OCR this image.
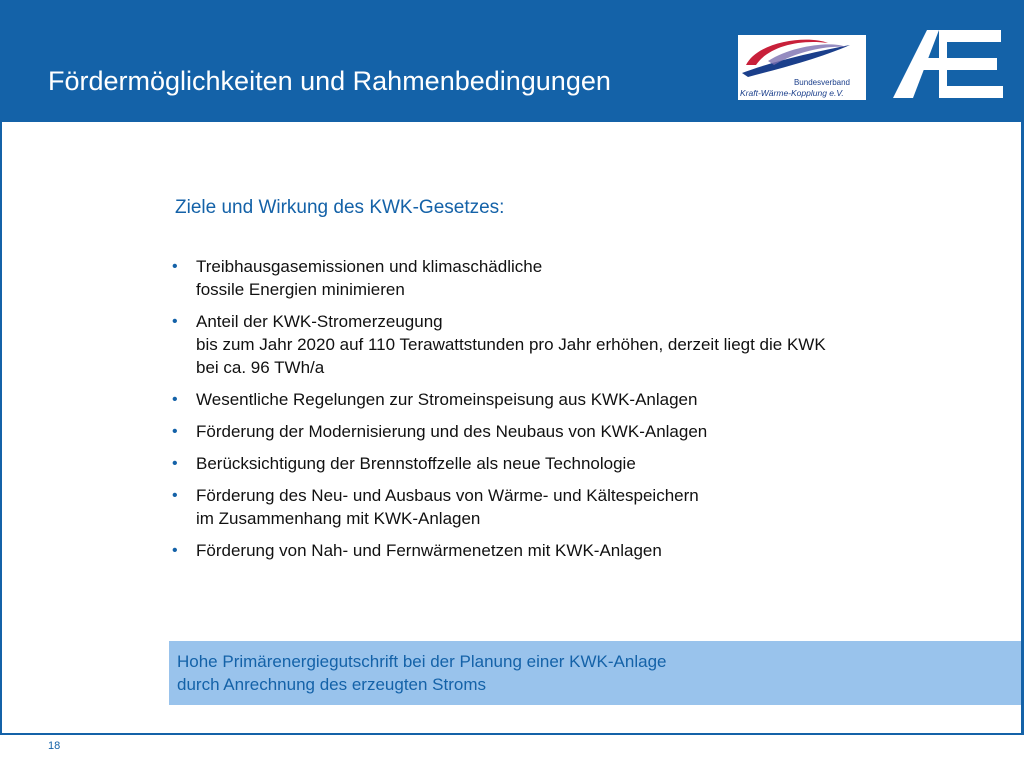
Fördermöglichkeiten und Rahmenbedingungen	Bundesverband
Kraft-Wärme-Kopplung e.V.
Ziele und Wirkung des KWK-Gesetzes:
• Treibhausgasemissionen und klimaschädliche
fossile Energien minimieren
• Anteil der KWK-Stromerzeugung
bis zum Jahr 2020 auf 110 Terawattstunden pro Jahr erhöhen, derzeit liegt die KWK
bei ca. 96 TWh/a
• Wesentliche Regelungen zur Stromeinspeisung aus KWK-Anlagen
• Förderung der Modernisierung und des Neubaus von KWK-Anlagen
• Berücksichtigung der Brennstoffzelle als neue Technologie
• Förderung des Neu- und Ausbaus von Wärme- und Kältespeichern
im Zusammenhang mit KWK-Anlagen
• Förderung von Nah- und Fernwärmenetzen mit KWK-Anlagen
Hohe Primärenergiegutschrift bei der Planung einer KWK-Anlage
durch Anrechnung des erzeugten Stroms
18
